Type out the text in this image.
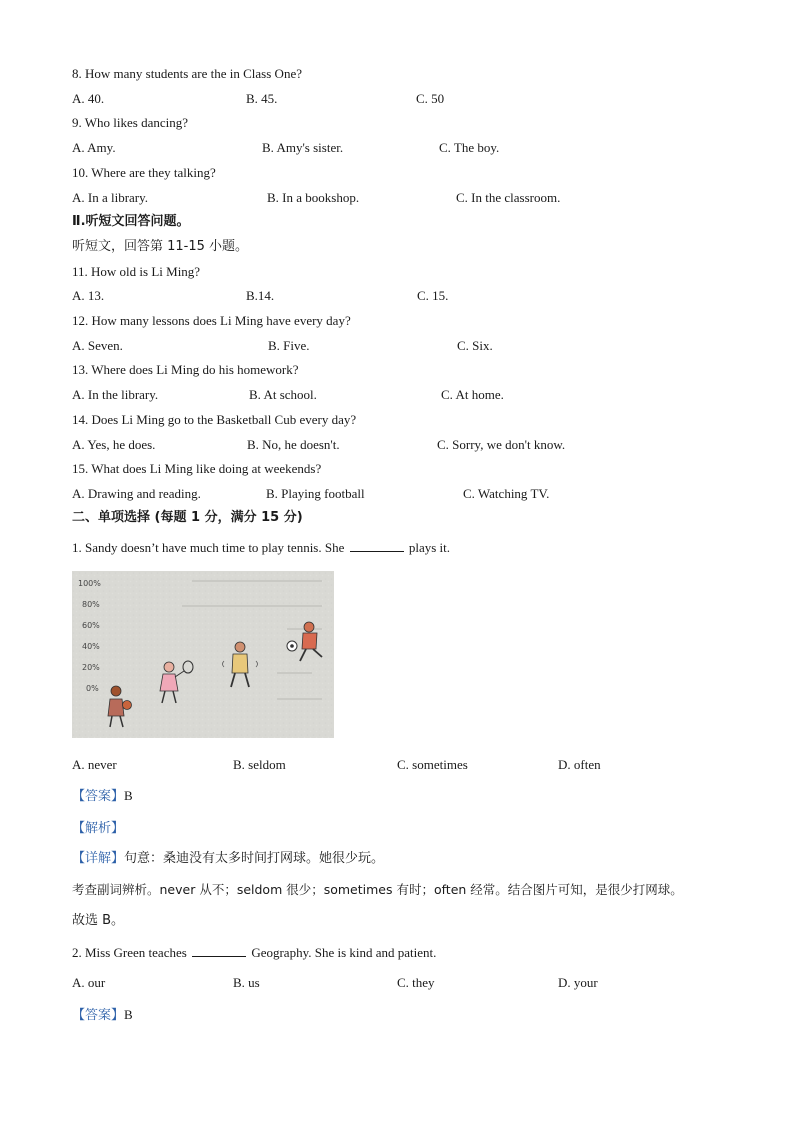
8. How many students are the in Class One?
A. 40.	B. 45.	C. 50
9. Who likes dancing?
A. Amy.	B. Amy's sister.	C. The boy.
10. Where are they talking?
A. In a library.	B. In a bookshop.	C. In the classroom.
Ⅱ.听短文回答问题。
听短文，回答第 11-15 小题。
11. How old is Li Ming?
A. 13.	B.14.	C. 15.
12. How many lessons does Li Ming have every day?
A. Seven.	B. Five.	C. Six.
13. Where does Li Ming do his homework?
A. In the library.	B. At school.	C. At home.
14. Does Li Ming go to the Basketball Cub every day?
A. Yes, he does.	B. No, he doesn't.	C. Sorry, we don't know.
15. What does Li Ming like doing at weekends?
A. Drawing and reading.	B. Playing football	C. Watching TV.
二、单项选择 (每题 1 分，满分 15 分)
1. Sandy doesn’t have much time to play tennis. She	plays it.
100%
80%
60%
40%
20%
0%
A. never	B. seldom	C. sometimes	D. often
【答案】B
【解析】
【详解】句意：桑迪没有太多时间打网球。她很少玩。
考查副词辨析。never 从不；seldom 很少；sometimes 有时；often 经常。结合图片可知，是很少打网球。
故选 B。
2. Miss Green teaches	Geography. She is kind and patient.
A. our	B. us	C. they	D. your
【答案】B
